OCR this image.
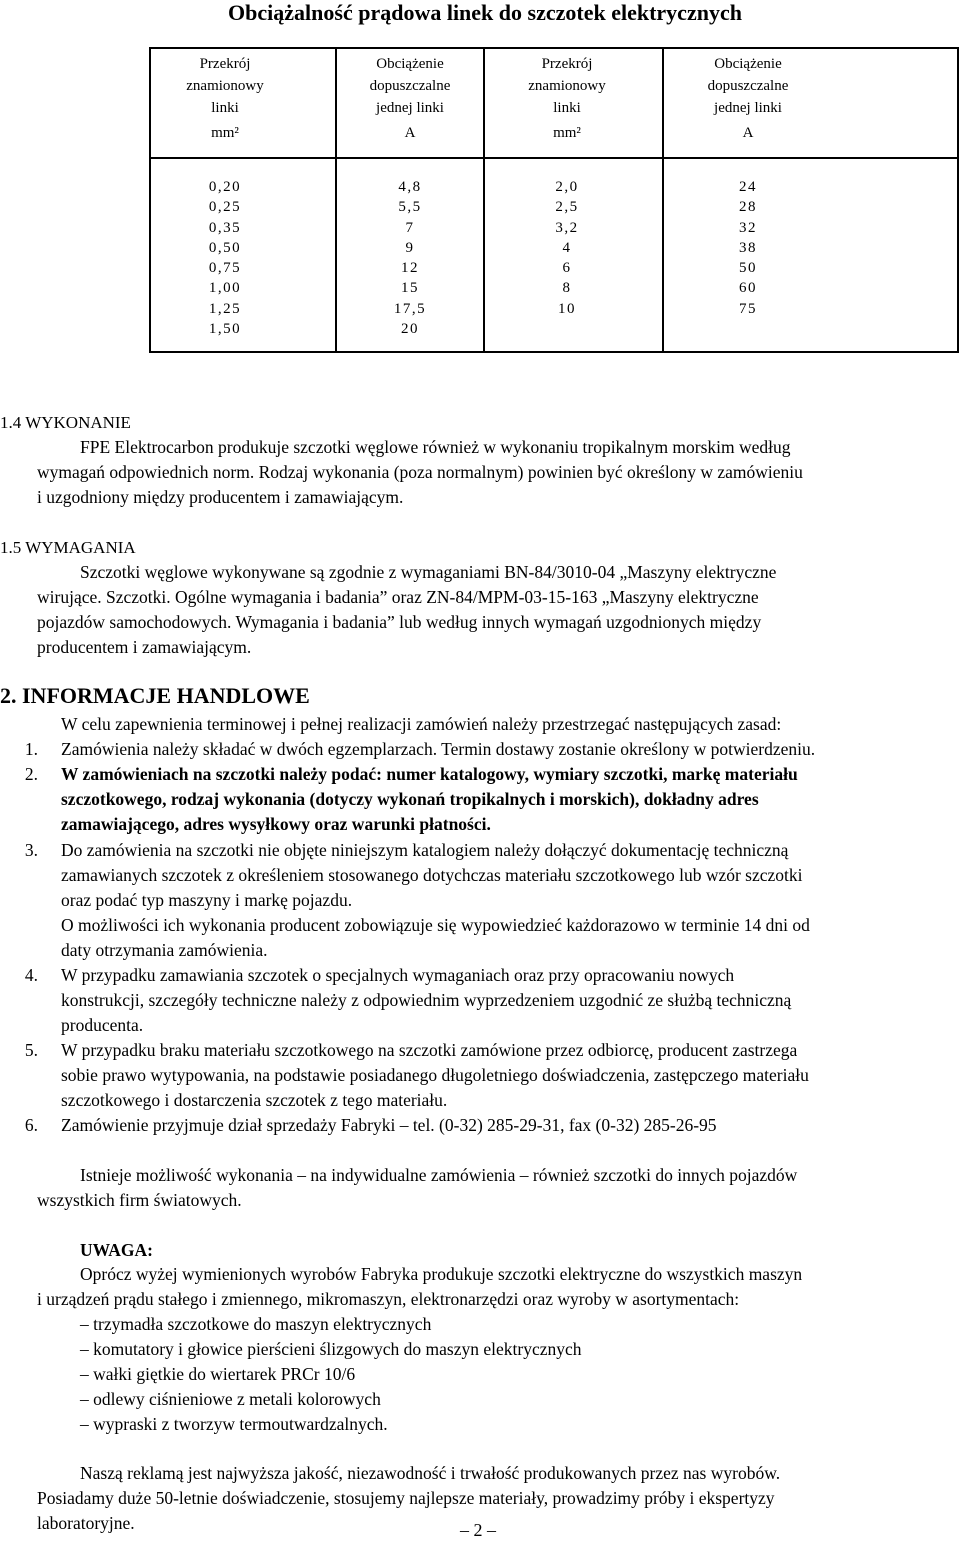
Obciążalność prądowa linek do szczotek elektrycznych
Przekrój
znamionowy
linki
mm²
Obciążenie
dopuszczalne
jednej linki
A
Przekrój
znamionowy
linki
mm²
Obciążenie
dopuszczalne
jednej linki
A
0,20
0,25
0,35
0,50
0,75
1,00
1,25
1,50
4,8
5,5
7
9
12
15
17,5
20
2,0
2,5
3,2
4
6
8
10
24
28
32
38
50
60
75
1.4 WYKONANIE
FPE Elektrocarbon produkuje szczotki węglowe również w wykonaniu tropikalnym morskim według
wymagań odpowiednich norm. Rodzaj wykonania (poza normalnym) powinien być określony w zamówieniu
i uzgodniony między producentem i zamawiającym.
1.5 WYMAGANIA
Szczotki węglowe wykonywane są zgodnie z wymaganiami BN-84/3010-04 „Maszyny elektryczne
wirujące. Szczotki. Ogólne wymagania i badania” oraz ZN-84/MPM-03-15-163 „Maszyny elektryczne
pojazdów samochodowych. Wymagania i badania” lub według innych wymagań uzgodnionych między
producentem i zamawiającym.
2. INFORMACJE HANDLOWE
W celu zapewnienia terminowej i pełnej realizacji zamówień należy przestrzegać następujących zasad:
1. Zamówienia należy składać w dwóch egzemplarzach. Termin dostawy zostanie określony w potwierdzeniu.
2. W zamówieniach na szczotki należy podać: numer katalogowy, wymiary szczotki, markę materiału
szczotkowego, rodzaj wykonania (dotyczy wykonań tropikalnych i morskich), dokładny adres
zamawiającego, adres wysyłkowy oraz warunki płatności.
3. Do zamówienia na szczotki nie objęte niniejszym katalogiem należy dołączyć dokumentację techniczną
zamawianych szczotek z określeniem stosowanego dotychczas materiału szczotkowego lub wzór szczotki
oraz podać typ maszyny i markę pojazdu.
O możliwości ich wykonania producent zobowiązuje się wypowiedzieć każdorazowo w terminie 14 dni od
daty otrzymania zamówienia.
4. W przypadku zamawiania szczotek o specjalnych wymaganiach oraz przy opracowaniu nowych
konstrukcji, szczegóły techniczne należy z odpowiednim wyprzedzeniem uzgodnić ze służbą techniczną
producenta.
5. W przypadku braku materiału szczotkowego na szczotki zamówione przez odbiorcę, producent zastrzega
sobie prawo wytypowania, na podstawie posiadanego długoletniego doświadczenia, zastępczego materiału
szczotkowego i dostarczenia szczotek z tego materiału.
6. Zamówienie przyjmuje dział sprzedaży Fabryki – tel. (0-32) 285-29-31, fax (0-32) 285-26-95
Istnieje możliwość wykonania – na indywidualne zamówienia – również szczotki do innych pojazdów
wszystkich firm światowych.
UWAGA:
Oprócz wyżej wymienionych wyrobów Fabryka produkuje szczotki elektryczne do wszystkich maszyn
i urządzeń prądu stałego i zmiennego, mikromaszyn, elektronarzędzi oraz wyroby w asortymentach:
– trzymadła szczotkowe do maszyn elektrycznych
– komutatory i głowice pierścieni ślizgowych do maszyn elektrycznych
– wałki giętkie do wiertarek PRCr 10/6
– odlewy ciśnieniowe z metali kolorowych
– wypraski z tworzyw termoutwardzalnych.
Naszą reklamą jest najwyższa jakość, niezawodność i trwałość produkowanych przez nas wyrobów.
Posiadamy duże 50-letnie doświadczenie, stosujemy najlepsze materiały, prowadzimy próby i ekspertyzy
laboratoryjne.	– 2 –
